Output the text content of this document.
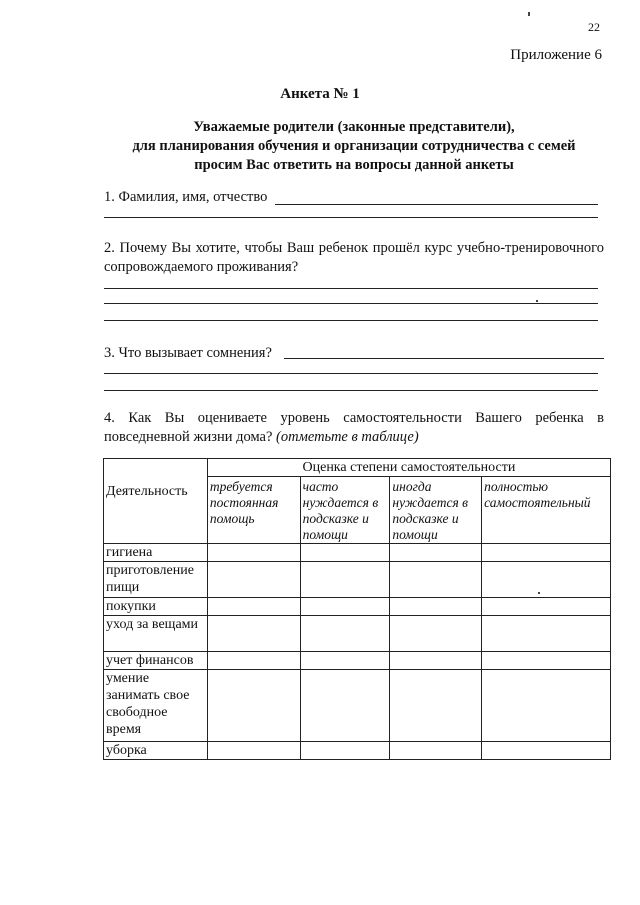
22
Приложение 6
Анкета № 1
Уважаемые родители (законные представители),
для планирования обучения и организации сотрудничества с семей
просим Вас ответить на вопросы данной анкеты
1. Фамилия, имя, отчество
2. Почему Вы хотите, чтобы Ваш ребенок прошёл курс учебно-тренировочного сопровождаемого проживания?
3. Что вызывает сомнения?
4. Как Вы оцениваете уровень самостоятельности Вашего ребенка в повседневной жизни дома? (отметьте в таблице)
Деятельность	Оценка степени самостоятельности			
	требуется постоянная помощь	часто нуждается в подсказке и помощи	иногда нуждается в подсказке и помощи	полностью самостоятельный
гигиена				
приготовление пищи				
покупки				
уход за вещами				
учет финансов				
умение занимать свое свободное время				
уборка				
